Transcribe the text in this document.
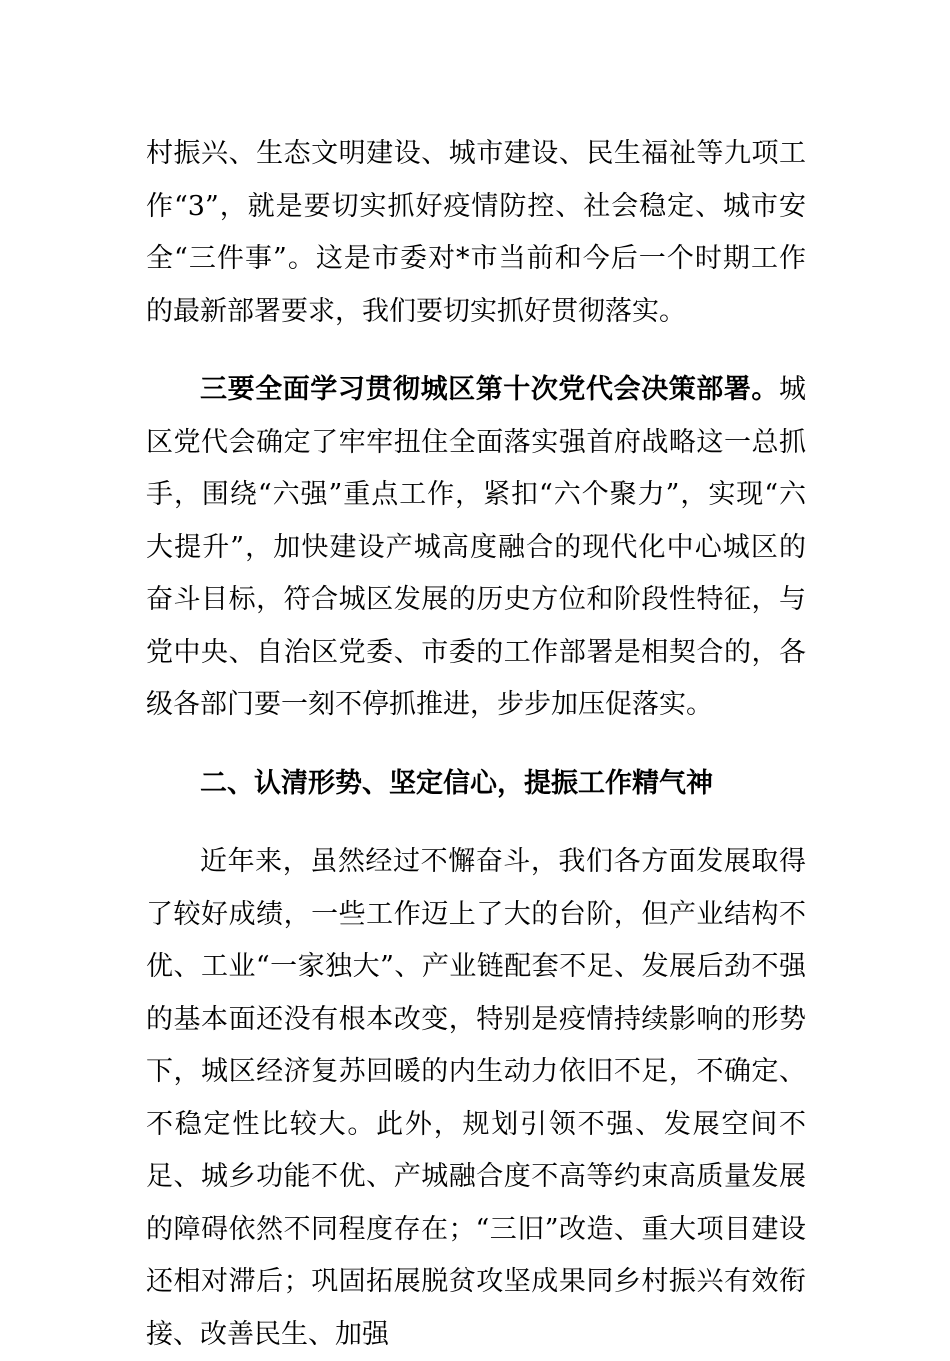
村振兴、生态文明建设、城市建设、民生福祉等九项工作“3”，就是要切实抓好疫情防控、社会稳定、城市安全“三件事”。这是市委对*市当前和今后一个时期工作的最新部署要求，我们要切实抓好贯彻落实。

三要全面学习贯彻城区第十次党代会决策部署。城区党代会确定了牢牢扭住全面落实强首府战略这一总抓手，围绕“六强”重点工作，紧扣“六个聚力”，实现“六大提升”，加快建设产城高度融合的现代化中心城区的奋斗目标，符合城区发展的历史方位和阶段性特征，与党中央、自治区党委、市委的工作部署是相契合的，各级各部门要一刻不停抓推进，步步加压促落实。

二、认清形势、坚定信心，提振工作精气神

近年来，虽然经过不懈奋斗，我们各方面发展取得了较好成绩，一些工作迈上了大的台阶，但产业结构不优、工业“一家独大”、产业链配套不足、发展后劲不强的基本面还没有根本改变，特别是疫情持续影响的形势下，城区经济复苏回暖的内生动力依旧不足，不确定、不稳定性比较大。此外，规划引领不强、发展空间不足、城乡功能不优、产城融合度不高等约束高质量发展的障碍依然不同程度存在；“三旧”改造、重大项目建设还相对滞后；巩固拓展脱贫攻坚成果同乡村振兴有效衔接、改善民生、加强
